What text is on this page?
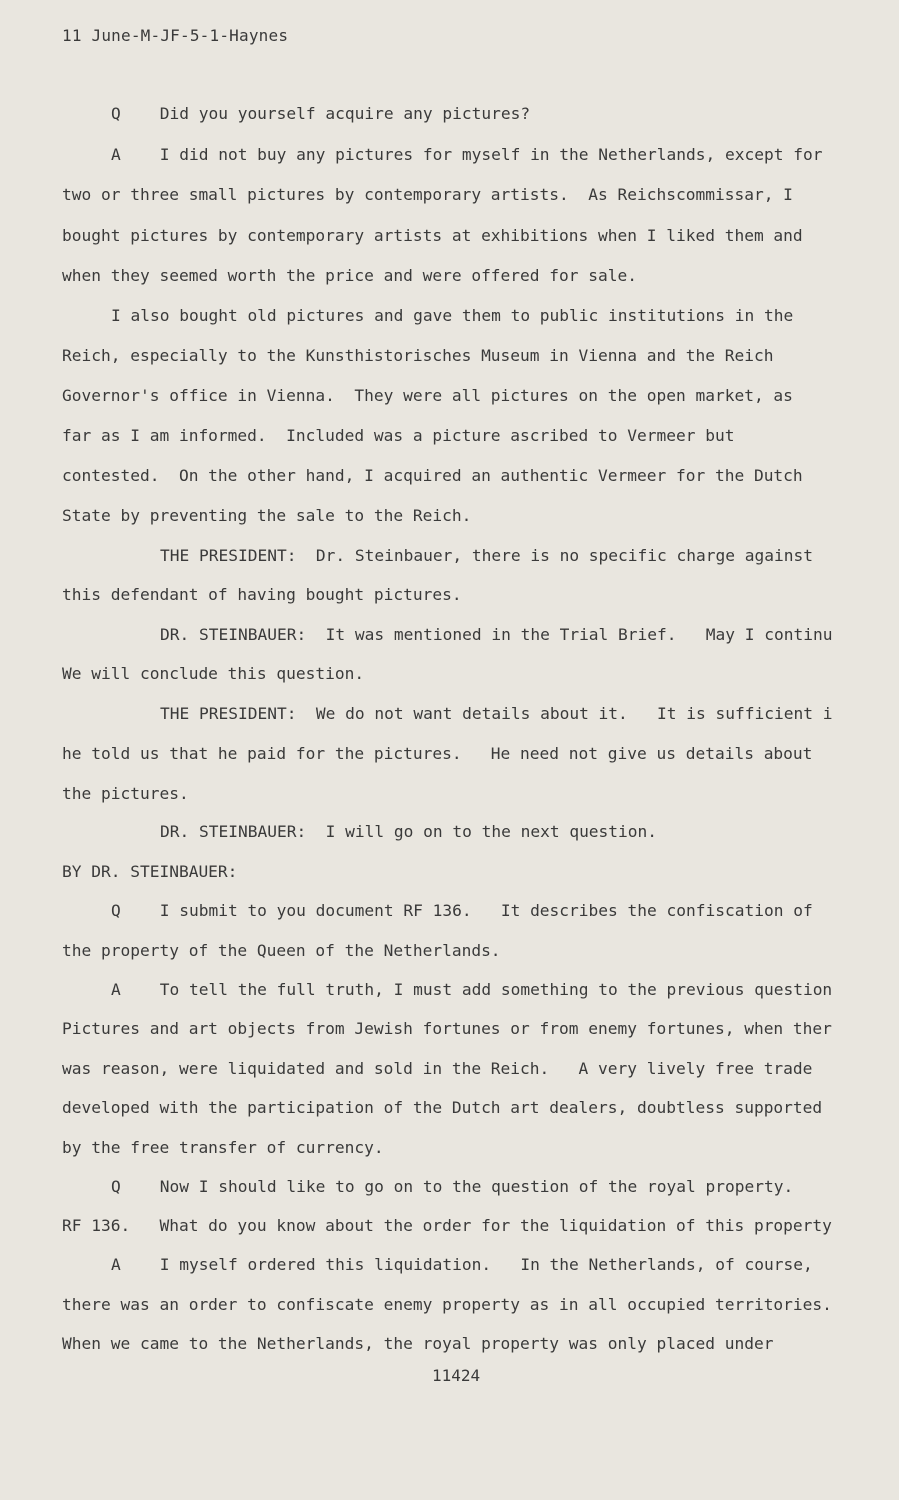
11 June-M-JF-5-1-Haynes
Q    Did you yourself acquire any pictures?
A    I did not buy any pictures for myself in the Netherlands, except for
two or three small pictures by contemporary artists.  As Reichscommissar, I
bought pictures by contemporary artists at exhibitions when I liked them and
when they seemed worth the price and were offered for sale.
I also bought old pictures and gave them to public institutions in the
Reich, especially to the Kunsthistorisches Museum in Vienna and the Reich
Governor's office in Vienna.  They were all pictures on the open market, as
far as I am informed.  Included was a picture ascribed to Vermeer but
contested.  On the other hand, I acquired an authentic Vermeer for the Dutch
State by preventing the sale to the Reich.
THE PRESIDENT:  Dr. Steinbauer, there is no specific charge against
this defendant of having bought pictures.
DR. STEINBAUER:  It was mentioned in the Trial Brief.   May I continu
We will conclude this question.
THE PRESIDENT:  We do not want details about it.   It is sufficient i
he told us that he paid for the pictures.   He need not give us details about
the pictures.
DR. STEINBAUER:  I will go on to the next question.
BY DR. STEINBAUER:
Q    I submit to you document RF 136.   It describes the confiscation of
the property of the Queen of the Netherlands.
A    To tell the full truth, I must add something to the previous question
Pictures and art objects from Jewish fortunes or from enemy fortunes, when ther
was reason, were liquidated and sold in the Reich.   A very lively free trade
developed with the participation of the Dutch art dealers, doubtless supported
by the free transfer of currency.
Q    Now I should like to go on to the question of the royal property.
RF 136.   What do you know about the order for the liquidation of this property
A    I myself ordered this liquidation.   In the Netherlands, of course,
there was an order to confiscate enemy property as in all occupied territories.
When we came to the Netherlands, the royal property was only placed under
11424
